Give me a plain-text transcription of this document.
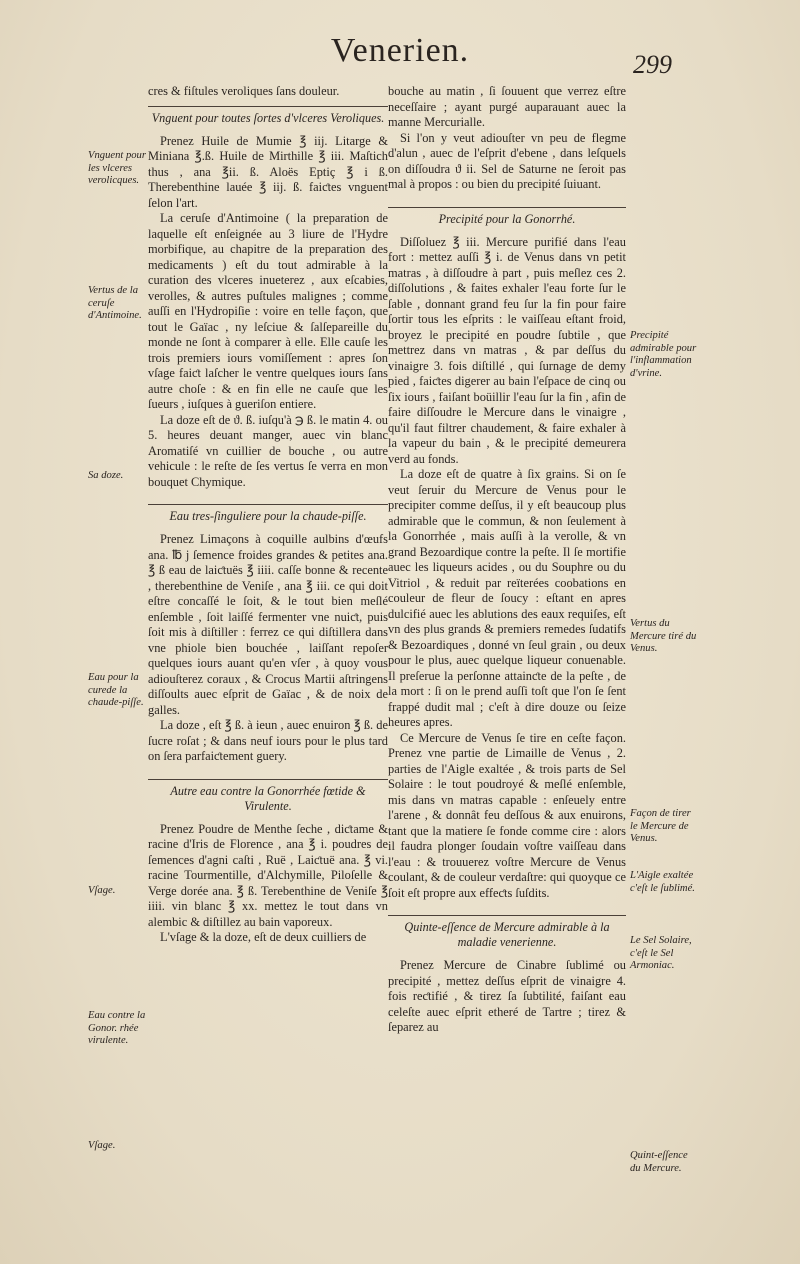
Venerien.	299

cres & fiſtules veroliques ſans douleur.

Vnguent pour toutes ſortes d'vlceres Veroliques.

Prenez Huile de Mumie ℥ iij. Litarge & Miniana ℥.ß. Huile de Mirthille ℥ iii. Maſtich thus , ana ℥ii. ß. Aloës Eptiç ℥ i ß. Therebenthine lauée ℥ iij. ß. faiƈtes vnguent ſelon l'art.

La ceruſe d'Antimoine ( la preparation de laquelle eſt enſeignée au 3 liure de l'Hydre morbifique, au chapitre de la preparation des medicaments ) eſt du tout admirable à la curation des vlceres inueterez , aux eſcabies, verolles, & autres puſtules malignes ; comme auſſi en l'Hydropiſie : voire en telle façon, que tout le Gaïac , ny leſciue & ſalſepareille du monde ne ſont à comparer à elle. Elle cauſe les trois premiers iours vomiſſement : apres ſon vſage faiƈt laſcher le ventre quelques iours ſans autre choſe : & en fin elle ne cauſe que les ſueurs , iuſques à gueriſon entiere.

La doze eſt de ϑ. ß. iuſqu'à ℈ ß. le matin 4. ou 5. heures deuant manger, auec vin blanc Aromatiſé vn cuillier de bouche , ou autre vehicule : le reſte de ſes vertus ſe verra en mon bouquet Chymique.

Eau tres-ſinguliere pour la chaude-piſſe.

Prenez Limaçons à coquille aulbins d'œufs ana. ℔ j ſemence froides grandes & petites ana. ℥ ß eau de laiƈtuës ℥ iiii. caſſe bonne & recente , therebenthine de Veniſe , ana ℥ iii. ce qui doit eſtre concaſſé le ſoit, & le tout bien meſlé enſemble , ſoit laiſſé fermenter vne nuiƈt, puis ſoit mis à diſtiller : ferrez ce qui diſtillera dans vne phiole bien bouchée , laiſſant repoſer quelques iours auant qu'en vſer , à quoy vous adiouſterez coraux , & Crocus Martii aſtringens diſſoults auec eſprit de Gaïac , & de noix de galles.

La doze , eſt ℥ ß. à ieun , auec enuiron ℥ ß. de ſucre roſat ; & dans neuf iours pour le plus tard on ſera parfaiƈtement guery.

Autre eau contre la Gonorrhée fœtide & Virulente.

Prenez Poudre de Menthe ſeche , diƈtame & racine d'Iris de Florence , ana ℥ i. poudres de ſemences d'agni caſti , Ruë , Laiƈtuë ana. ℥ vi. racine Tourmentille, d'Alchymille, Piloſelle & Verge dorée ana. ℥ ß. Terebenthine de Veniſe ℥ iiii. vin blanc ℥ xx. mettez le tout dans vn alembic & diſtillez au bain vaporeux.

L'vſage & la doze, eſt de deux cuilliers de

bouche au matin , ſi ſouuent que verrez eſtre neceſſaire ; ayant purgé auparauant auec la manne Mercurialle.

Si l'on y veut adiouſter vn peu de flegme d'alun , auec de l'eſprit d'ebene , dans leſquels on diſſoudra ϑ ii. Sel de Saturne ne ſeroit pas mal à propos : ou bien du precipité ſuiuant.

Precipité pour la Gonorrhé.

Diſſoluez ℥ iii. Mercure purifié dans l'eau fort : mettez auſſi ℥ i. de Venus dans vn petit matras , à diſſoudre à part , puis meſlez ces 2. diſſolutions , & faites exhaler l'eau forte ſur le ſable , donnant grand feu ſur la fin pour faire ſortir tous les eſprits : le vaiſſeau eſtant froid, broyez le precipité en poudre ſubtile , que mettrez dans vn matras , & par deſſus du vinaigre 3. fois diſtillé , qui ſurnage de demy pied , faiƈtes digerer au bain l'eſpace de cinq ou ſix iours , faiſant boüillir l'eau ſur la fin , afin de faire diſſoudre le Mercure dans le vinaigre , qu'il faut filtrer chaudement, & faire exhaler à la vapeur du bain , & le precipité demeurera verd au fonds.

La doze eſt de quatre à ſix grains. Si on ſe veut ſeruir du Mercure de Venus pour le precipiter comme deſſus, il y eſt beaucoup plus admirable que le commun, & non ſeulement à la Gonorrhée , mais auſſi à la verolle, & vn grand Bezoardique contre la peſte. Il ſe mortifie auec les liqueurs acides , ou du Souphre ou du Vitriol , & reduit par reïterées coobations en couleur de fleur de ſoucy : eſtant en apres dulcifié auec les ablutions des eaux requiſes, eſt vn des plus grands & premiers remedes ſudatifs & Bezoardiques , donné vn ſeul grain , ou deux pour le plus, auec quelque liqueur conuenable. Il preſerue la perſonne attainƈte de la peſte , de la mort : ſi on le prend auſſi toſt que l'on ſe ſent frappé dudit mal ; c'eſt à dire douze ou ſeize heures apres.

Ce Mercure de Venus ſe tire en ceſte façon. Prenez vne partie de Limaille de Venus , 2. parties de l'Aigle exaltée , & trois parts de Sel Solaire : le tout poudroyé & meſlé enſemble, mis dans vn matras capable : enſeuely entre l'arene , & donnât feu deſſous & aux enuirons, tant que la matiere ſe fonde comme cire : alors il faudra plonger ſoudain voſtre vaiſſeau dans l'eau : & trouuerez voſtre Mercure de Venus coulant, & de couleur verdaſtre: qui quoyque ce ſoit eſt propre aux effeƈts ſuſdits.

Quinte-eſſence de Mercure admirable à la maladie venerienne.

Prenez Mercure de Cinabre ſublimé ou precipité , mettez deſſus eſprit de vinaigre 4. fois reƈtifié , & tirez ſa ſubtilité, faiſant eau celeſte auec eſprit etheré de Tartre ; tirez & ſeparez au

Vnguent pour les vlceres verolicques.
Vertus de la ceruſe d'Antimoine.
Sa doze.
Eau pour la curede la chaude-piſſe.
Vſage.
Eau contre la Gonor. rhée virulente.
Vſage.
Precipité admirable pour l'inflammation d'vrine.
Vertus du Mercure tiré du Venus.
Façon de tirer le Mercure de Venus.
L'Aigle exaltée c'eſt le ſublimé.
Le Sel Solaire, c'eſt le Sel Armoniac.
Quint-eſſence du Mercure.
